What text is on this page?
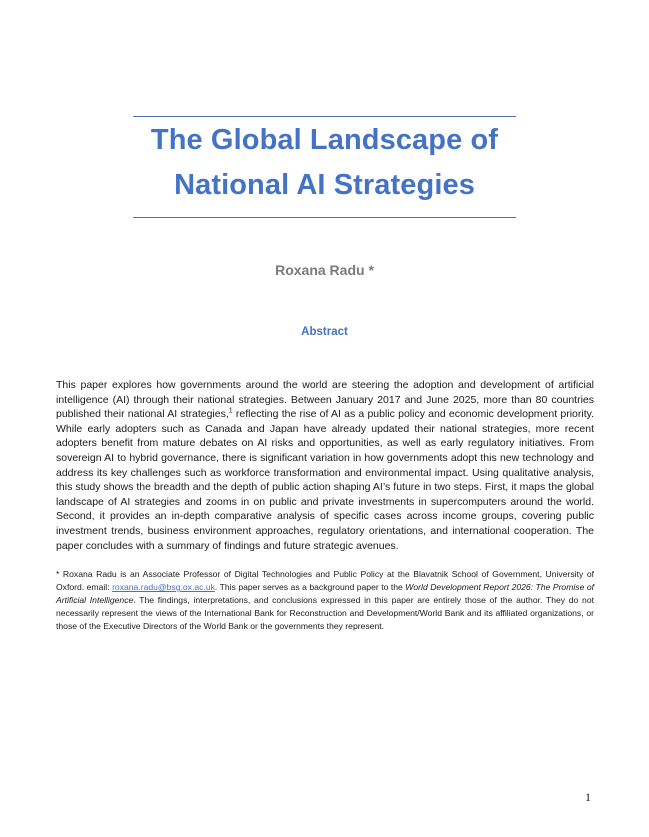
The Global Landscape of
National AI Strategies
Roxana Radu *
Abstract

This paper explores how governments around the world are steering the adoption and development of artificial intelligence (AI) through their national strategies. Between January 2017 and June 2025, more than 80 countries published their national AI strategies,$^1$ reflecting the rise of AI as a public policy and economic development priority. While early adopters such as Canada and Japan have already updated their national strategies, more recent adopters benefit from mature debates on AI risks and opportunities, as well as early regulatory initiatives. From sovereign AI to hybrid governance, there is significant variation in how governments adopt this new technology and address its key challenges such as workforce transformation and environmental impact. Using qualitative analysis, this study shows the breadth and the depth of public action shaping AI’s future in two steps. First, it maps the global landscape of AI strategies and zooms in on public and private investments in supercomputers around the world. Second, it provides an in-depth comparative analysis of specific cases across income groups, covering public investment trends, business environment approaches, regulatory orientations, and international cooperation. The paper concludes with a summary of findings and future strategic avenues.

* Roxana Radu is an Associate Professor of Digital Technologies and Public Policy at the Blavatnik School of Government, University of Oxford. email: roxana.radu@bsg.ox.ac.uk. This paper serves as a background paper to the World Development Report 2026: The Promise of Artificial Intelligence. The findings, interpretations, and conclusions expressed in this paper are entirely those of the author. They do not necessarily represent the views of the International Bank for Reconstruction and Development/World Bank and its affiliated organizations, or those of the Executive Directors of the World Bank or the governments they represent.

1
